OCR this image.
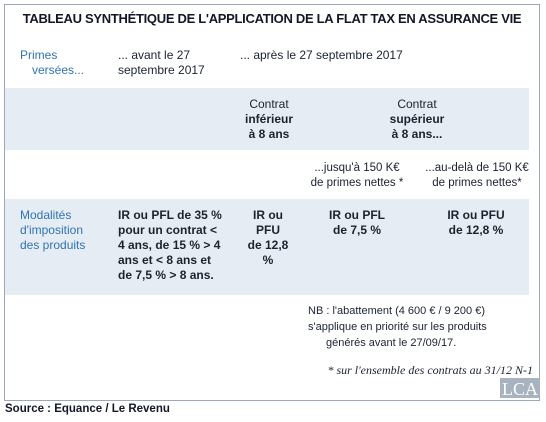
TABLEAU SYNTHÉTIQUE DE L'APPLICATION DE LA FLAT TAX EN ASSURANCE VIE
Primes
versées...
... avant le 27
septembre 2017
... après le 27 septembre 2017
Contrat
inférieur
à 8 ans
Contrat
supérieur
à 8 ans...
...jusqu'à 150 K€
de primes nettes *
...au-delà de 150 K€
de primes nettes*
Modalités
d'imposition
des produits
IR ou PFL de 35 %
pour un contrat <
4 ans, de 15 % > 4
ans et < 8 ans et
de 7,5 % > 8 ans.
IR ou
PFU
de 12,8
%
IR ou PFL
de 7,5 %
IR ou PFU
de 12,8 %
NB : l'abattement (4 600 € / 9 200 €)
s'applique en priorité sur les produits
générés avant le 27/09/17.
* sur l'ensemble des contrats au 31/12 N-1
Source : Equance / Le Revenu
LCA
